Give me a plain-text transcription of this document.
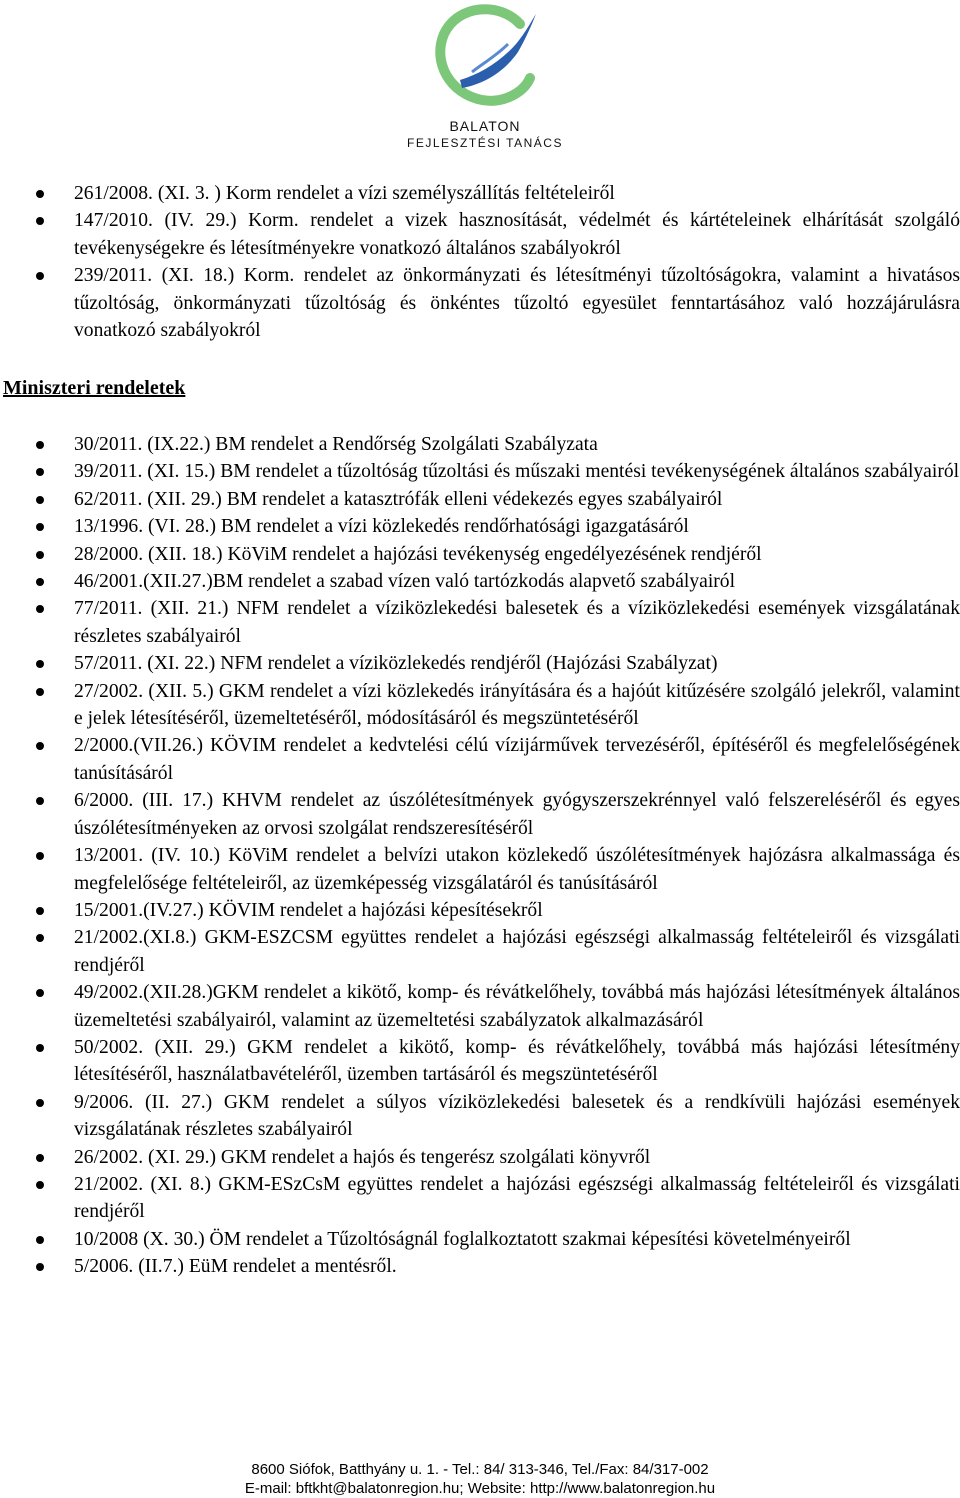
BALATON
FEJLESZTÉSI TANÁCS
261/2008. (XI. 3. ) Korm rendelet a vízi személyszállítás feltételeiről
147/2010. (IV. 29.) Korm. rendelet a vizek hasznosítását, védelmét és kártételeinek elhárítását szolgáló tevékenységekre és létesítményekre vonatkozó általános szabályokról
239/2011. (XI. 18.) Korm. rendelet az önkormányzati és létesítményi tűzoltóságokra, valamint a hivatásos tűzoltóság, önkormányzati tűzoltóság és önkéntes tűzoltó egyesület fenntartásához való hozzájárulásra vonatkozó szabályokról
Miniszteri rendeletek
30/2011. (IX.22.) BM rendelet a Rendőrség Szolgálati Szabályzata
39/2011. (XI. 15.) BM rendelet a tűzoltóság tűzoltási és műszaki mentési tevékenységének általános szabályairól
62/2011. (XII. 29.) BM rendelet a katasztrófák elleni védekezés egyes szabályairól
13/1996. (VI. 28.) BM rendelet a vízi közlekedés rendőrhatósági igazgatásáról
28/2000. (XII. 18.) KöViM rendelet a hajózási tevékenység engedélyezésének rendjéről
46/2001.(XII.27.)BM rendelet a szabad vízen való tartózkodás alapvető szabályairól
77/2011. (XII. 21.) NFM rendelet a víziközlekedési balesetek és a víziközlekedési események vizsgálatának részletes szabályairól
57/2011. (XI. 22.) NFM rendelet a víziközlekedés rendjéről (Hajózási Szabályzat)
27/2002. (XII. 5.) GKM rendelet a vízi közlekedés irányítására és a hajóút kitűzésére szolgáló jelekről, valamint e jelek létesítéséről, üzemeltetéséről, módosításáról és megszüntetéséről
2/2000.(VII.26.) KÖVIM rendelet a kedvtelési célú vízijárművek tervezéséről, építéséről és megfelelőségének tanúsításáról
6/2000. (III. 17.) KHVM rendelet az úszólétesítmények gyógyszerszekrénnyel való felszereléséről és egyes úszólétesítményeken az orvosi szolgálat rendszeresítéséről
13/2001. (IV. 10.) KöViM rendelet a belvízi utakon közlekedő úszólétesítmények hajózásra alkalmassága és megfelelősége feltételeiről, az üzemképesség vizsgálatáról és tanúsításáról
15/2001.(IV.27.) KÖVIM rendelet a hajózási képesítésekről
21/2002.(XI.8.) GKM-ESZCSM együttes rendelet a hajózási egészségi alkalmasság feltételeiről és vizsgálati rendjéről
49/2002.(XII.28.)GKM rendelet a kikötő, komp- és révátkelőhely, továbbá más hajózási létesítmények általános üzemeltetési szabályairól, valamint az üzemeltetési szabályzatok alkalmazásáról
50/2002. (XII. 29.) GKM rendelet a kikötő, komp- és révátkelőhely, továbbá más hajózási létesítmény létesítéséről, használatbavételéről, üzemben tartásáról és megszüntetéséről
9/2006. (II. 27.) GKM rendelet a súlyos víziközlekedési balesetek és a rendkívüli hajózási események vizsgálatának részletes szabályairól
26/2002. (XI. 29.) GKM rendelet a hajós és tengerész szolgálati könyvről
21/2002. (XI. 8.) GKM-ESzCsM együttes rendelet a hajózási egészségi alkalmasság feltételeiről és vizsgálati rendjéről
10/2008 (X. 30.) ÖM rendelet a Tűzoltóságnál foglalkoztatott szakmai képesítési követelményeiről
5/2006. (II.7.) EüM rendelet a mentésről.
8600 Siófok, Batthyány u. 1. - Tel.: 84/ 313-346, Tel./Fax: 84/317-002
E-mail: bftkht@balatonregion.hu; Website: http://www.balatonregion.hu
